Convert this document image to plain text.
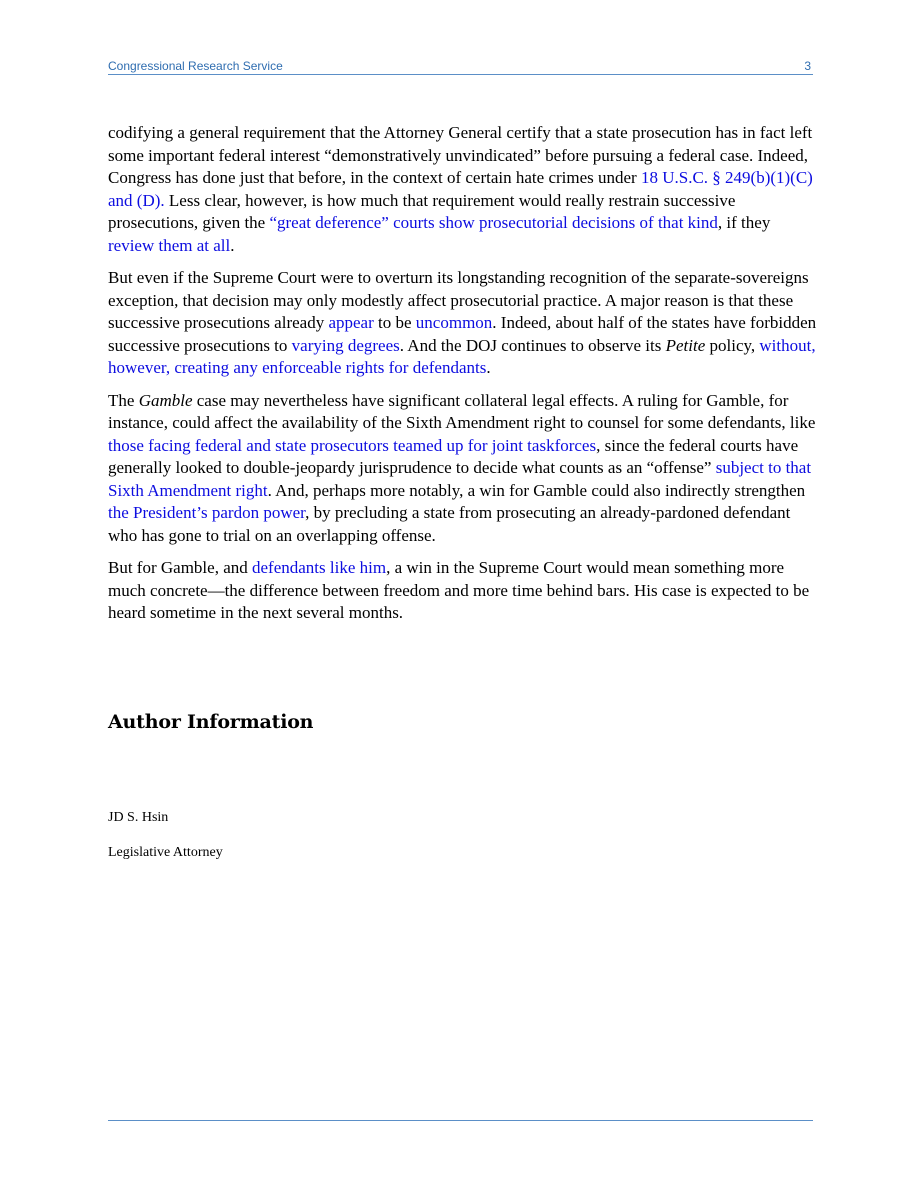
Congressional Research Service	3

codifying a general requirement that the Attorney General certify that a state prosecution has in fact left some important federal interest “demonstratively unvindicated” before pursuing a federal case. Indeed, Congress has done just that before, in the context of certain hate crimes under 18 U.S.C. § 249(b)(1)(C) and (D). Less clear, however, is how much that requirement would really restrain successive prosecutions, given the “great deference” courts show prosecutorial decisions of that kind, if they review them at all.

But even if the Supreme Court were to overturn its longstanding recognition of the separate-sovereigns exception, that decision may only modestly affect prosecutorial practice. A major reason is that these successive prosecutions already appear to be uncommon. Indeed, about half of the states have forbidden successive prosecutions to varying degrees. And the DOJ continues to observe its Petite policy, without, however, creating any enforceable rights for defendants.

The Gamble case may nevertheless have significant collateral legal effects. A ruling for Gamble, for instance, could affect the availability of the Sixth Amendment right to counsel for some defendants, like those facing federal and state prosecutors teamed up for joint taskforces, since the federal courts have generally looked to double-jeopardy jurisprudence to decide what counts as an “offense” subject to that Sixth Amendment right. And, perhaps more notably, a win for Gamble could also indirectly strengthen the President’s pardon power, by precluding a state from prosecuting an already-pardoned defendant who has gone to trial on an overlapping offense.

But for Gamble, and defendants like him, a win in the Supreme Court would mean something more much concrete—the difference between freedom and more time behind bars. His case is expected to be heard sometime in the next several months.

Author Information
JD S. Hsin
Legislative Attorney
